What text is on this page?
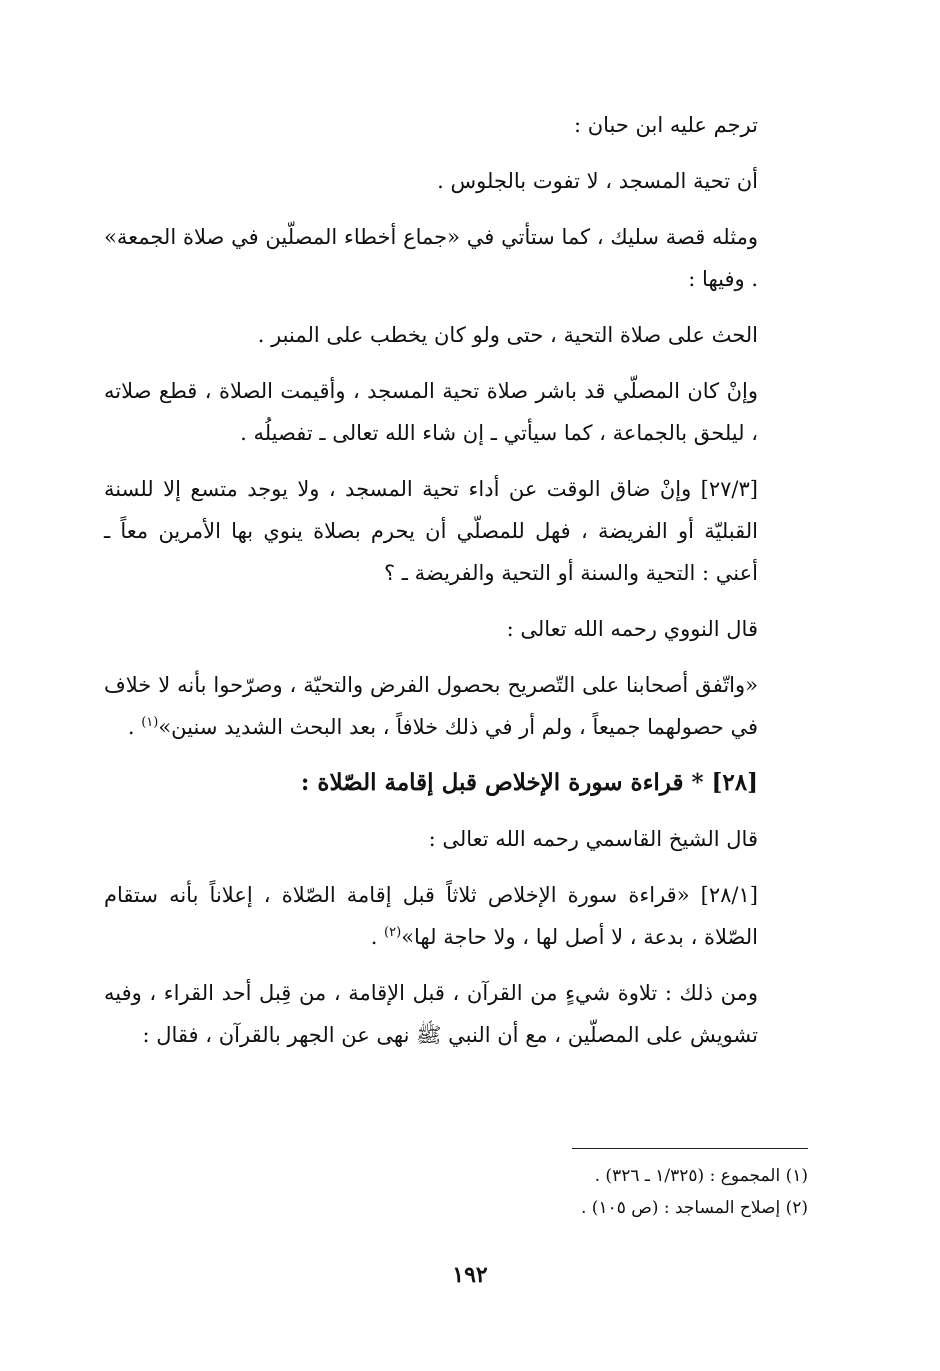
ترجم عليه ابن حبان :

أن تحية المسجد ، لا تفوت بالجلوس .

ومثله قصة سليك ، كما ستأتي في «جماع أخطاء المصلّين في صلاة الجمعة» . وفيها :

الحث على صلاة التحية ، حتى ولو كان يخطب على المنبر .

وإنْ كان المصلّي قد باشر صلاة تحية المسجد ، وأقيمت الصلاة ، قطع صلاته ، ليلحق بالجماعة ، كما سيأتي ـ إن شاء الله تعالى ـ تفصيلُه .

[٢٧/٣] وإنْ ضاق الوقت عن أداء تحية المسجد ، ولا يوجد متسع إلا للسنة القبليّة أو الفريضة ، فهل للمصلّي أن يحرم بصلاة ينوي بها الأمرين معاً ـ أعني : التحية والسنة أو التحية والفريضة ـ ؟

قال النووي رحمه الله تعالى :

«واتّفق أصحابنا على التّصريح بحصول الفرض والتحيّة ، وصرّحوا بأنه لا خلاف في حصولهما جميعاً ، ولم أر في ذلك خلافاً ، بعد البحث الشديد سنين»$^{(١)}$ .

[٢٨] * قراءة سورة الإخلاص قبل إقامة الصّلاة :

قال الشيخ القاسمي رحمه الله تعالى :

[٢٨/١] «قراءة سورة الإخلاص ثلاثاً قبل إقامة الصّلاة ، إعلاناً بأنه ستقام الصّلاة ، بدعة ، لا أصل لها ، ولا حاجة لها»$^{(٢)}$ .

ومن ذلك : تلاوة شيءٍ من القرآن ، قبل الإقامة ، من قِبل أحد القراء ، وفيه تشويش على المصلّين ، مع أن النبي ﷺ نهى عن الجهر بالقرآن ، فقال :

(١) المجموع : (١/٣٢٥ ـ ٣٢٦) .
(٢) إصلاح المساجد : (ص ١٠٥) .
١٩٢
